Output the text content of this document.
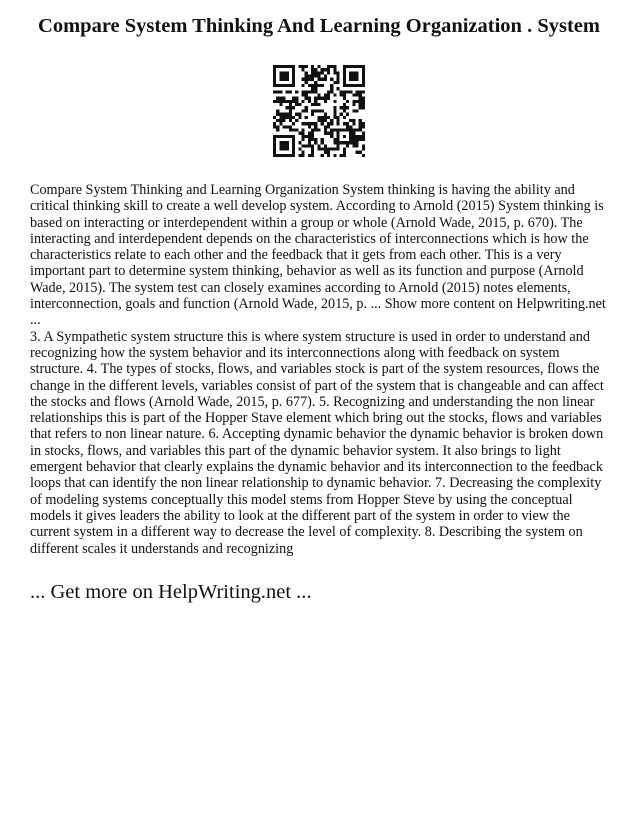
Compare System Thinking And Learning Organization . System

Compare System Thinking and Learning Organization System thinking is having the ability and critical thinking skill to create a well develop system. According to Arnold (2015) System thinking is based on interacting or interdependent within a group or whole (Arnold Wade, 2015, p. 670). The interacting and interdependent depends on the characteristics of interconnections which is how the characteristics relate to each other and the feedback that it gets from each other. This is a very important part to determine system thinking, behavior as well as its function and purpose (Arnold Wade, 2015). The system test can closely examines according to Arnold (2015) notes elements, interconnection, goals and function (Arnold Wade, 2015, p. ... Show more content on Helpwriting.net ...

3. A Sympathetic system structure this is where system structure is used in order to understand and recognizing how the system behavior and its interconnections along with feedback on system structure. 4. The types of stocks, flows, and variables stock is part of the system resources, flows the change in the different levels, variables consist of part of the system that is changeable and can affect the stocks and flows (Arnold Wade, 2015, p. 677). 5. Recognizing and understanding the non linear relationships this is part of the Hopper Stave element which bring out the stocks, flows and variables that refers to non linear nature. 6. Accepting dynamic behavior the dynamic behavior is broken down in stocks, flows, and variables this part of the dynamic behavior system. It also brings to light emergent behavior that clearly explains the dynamic behavior and its interconnection to the feedback loops that can identify the non linear relationship to dynamic behavior. 7. Decreasing the complexity of modeling systems conceptually this model stems from Hopper Steve by using the conceptual models it gives leaders the ability to look at the different part of the system in order to view the current system in a different way to decrease the level of complexity. 8. Describing the system on different scales it understands and recognizing

... Get more on HelpWriting.net ...
